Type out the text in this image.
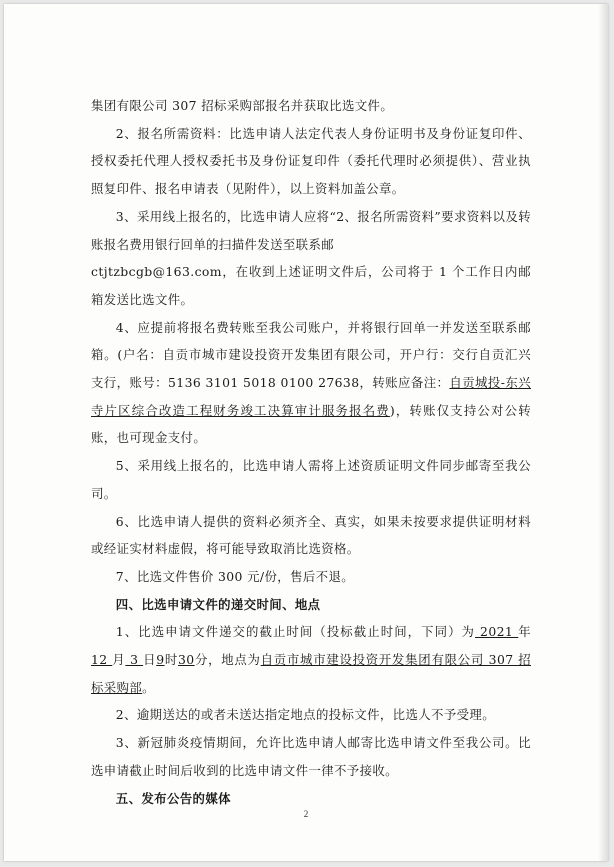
集团有限公司 307 招标采购部报名并获取比选文件。

2、报名所需资料：比选申请人法定代表人身份证明书及身份证复印件、授权委托代理人授权委托书及身份证复印件（委托代理时必须提供）、营业执照复印件、报名申请表（见附件），以上资料加盖公章。

3、采用线上报名的，比选申请人应将“2、报名所需资料”要求资料以及转账报名费用银行回单的扫描件发送至联系邮
ctjtzbcgb@163.com，在收到上述证明文件后，公司将于 1 个工作日内邮箱发送比选文件。

4、应提前将报名费转账至我公司账户，并将银行回单一并发送至联系邮箱。(户名：自贡市城市建设投资开发集团有限公司，开户行：交行自贡汇兴支行，账号：5136 3101 5018 0100 27638，转账应备注：自贡城投-东兴寺片区综合改造工程财务竣工决算审计服务报名费)，转账仅支持公对公转账，也可现金支付。

5、采用线上报名的，比选申请人需将上述资质证明文件同步邮寄至我公司。

6、比选申请人提供的资料必须齐全、真实，如果未按要求提供证明材料或经证实材料虚假，将可能导致取消比选资格。

7、比选文件售价 300 元/份，售后不退。

四、比选申请文件的递交时间、地点

1、比选申请文件递交的截止时间（投标截止时间，下同）为 2021 年 12 月 3 日9时30分，地点为自贡市城市建设投资开发集团有限公司 307 招标采购部。

2、逾期送达的或者未送达指定地点的投标文件，比选人不予受理。

3、新冠肺炎疫情期间，允许比选申请人邮寄比选申请文件至我公司。比选申请截止时间后收到的比选申请文件一律不予接收。

五、发布公告的媒体

2
